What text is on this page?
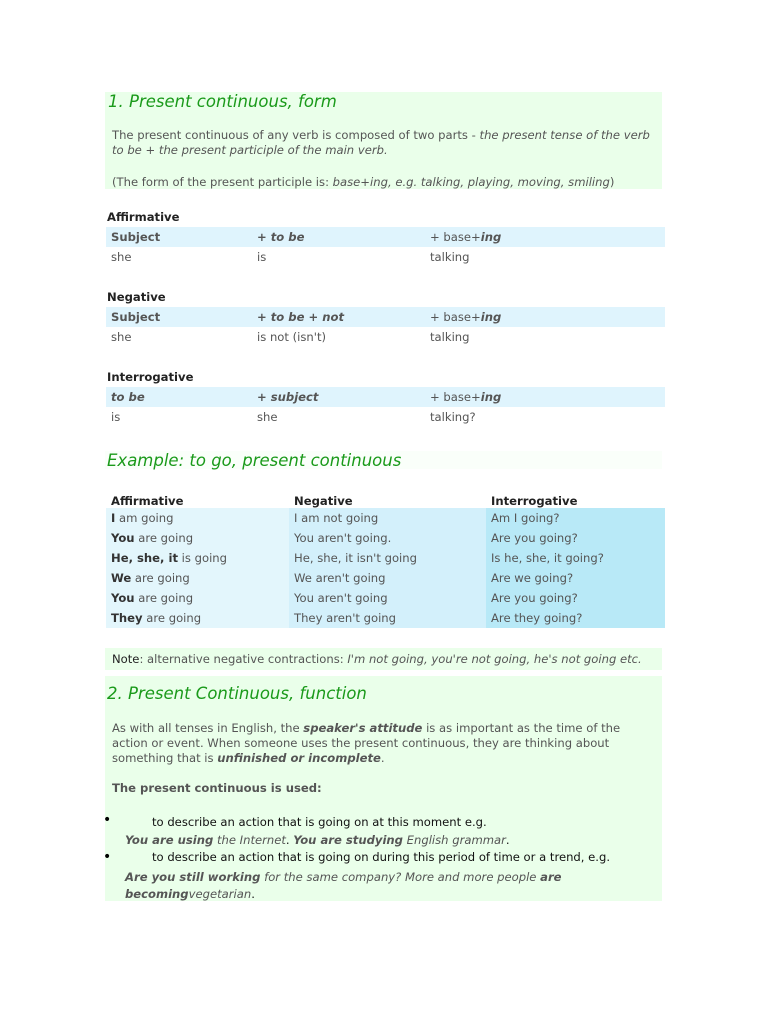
1. Present continuous, form
The present continuous of any verb is composed of two parts - the present tense of the verb to be + the present participle of the main verb.
(The form of the present participle is: base+ing, e.g. talking, playing, moving, smiling)
Affirmative
Subject	+ to be	+ base+ing
she	is	talking
Negative
Subject	+ to be + not	+ base+ing
she	is not (isn't)	talking
Interrogative
to be	+ subject	+ base+ing
is	she	talking?
Example: to go, present continuous
Affirmative	Negative	Interrogative
I am going	I am not going	Am I going?
You are going	You aren't going.	Are you going?
He, she, it is going	He, she, it isn't going	Is he, she, it going?
We are going	We aren't going	Are we going?
You are going	You aren't going	Are you going?
They are going	They aren't going	Are they going?
Note: alternative negative contractions: I'm not going, you're not going, he's not going etc.
2. Present Continuous, function
As with all tenses in English, the speaker's attitude is as important as the time of the action or event. When someone uses the present continuous, they are thinking about something that is unfinished or incomplete.
The present continuous is used:
•	to describe an action that is going on at this moment e.g.
You are using the Internet. You are studying English grammar.
•	to describe an action that is going on during this period of time or a trend, e.g.
Are you still working for the same company? More and more people are
becomingvegetarian.
